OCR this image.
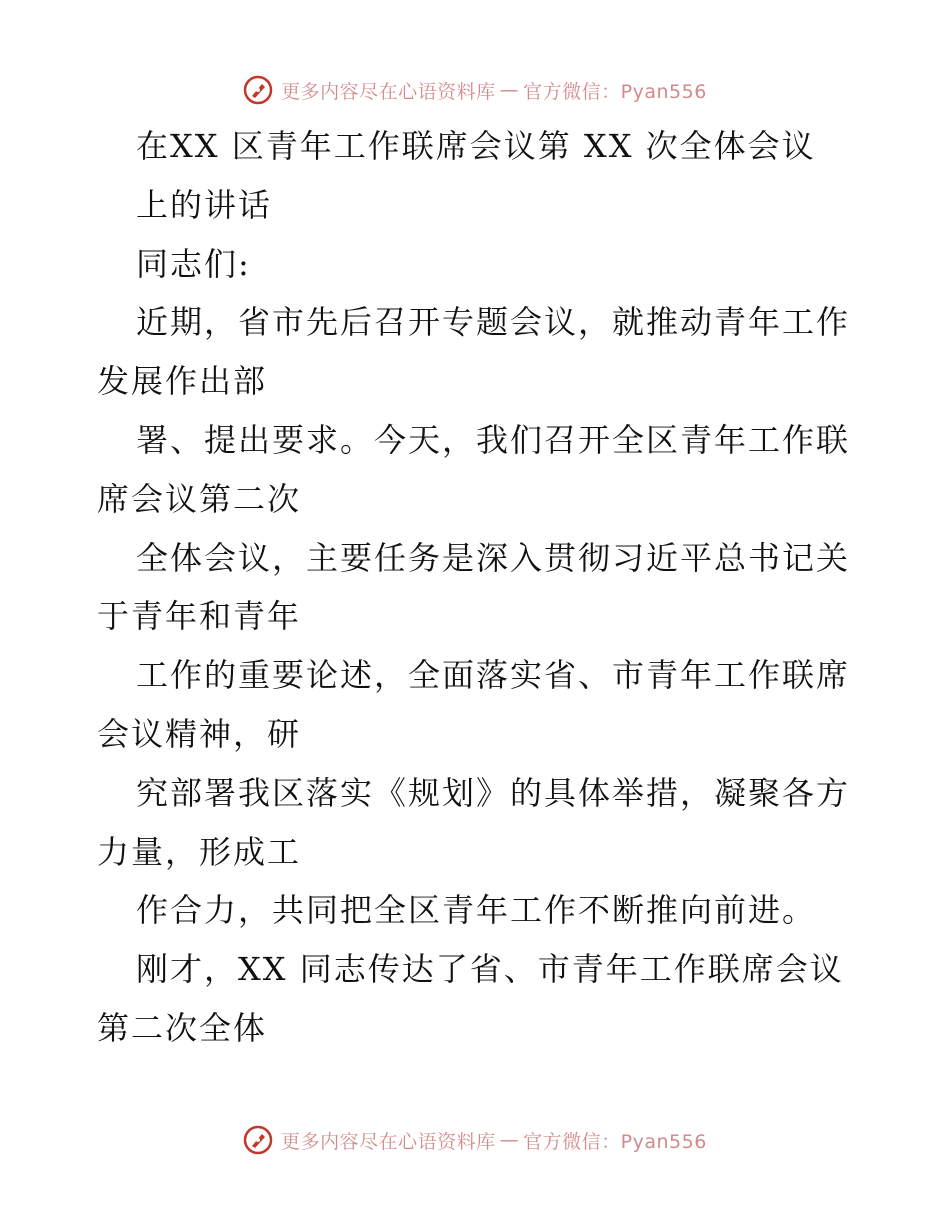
更多内容尽在心语资料库 — 官方微信：Pyan556
在XX 区青年工作联席会议第 XX 次全体会议
上的讲话
同志们:
近期，省市先后召开专题会议，就推动青年工作
发展作出部
署、提出要求。今天，我们召开全区青年工作联
席会议第二次
全体会议，主要任务是深入贯彻习近平总书记关
于青年和青年
工作的重要论述，全面落实省、市青年工作联席
会议精神，研
究部署我区落实《规划》的具体举措，凝聚各方
力量，形成工
作合力，共同把全区青年工作不断推向前进。
刚才，XX 同志传达了省、市青年工作联席会议
第二次全体
更多内容尽在心语资料库 — 官方微信：Pyan556
